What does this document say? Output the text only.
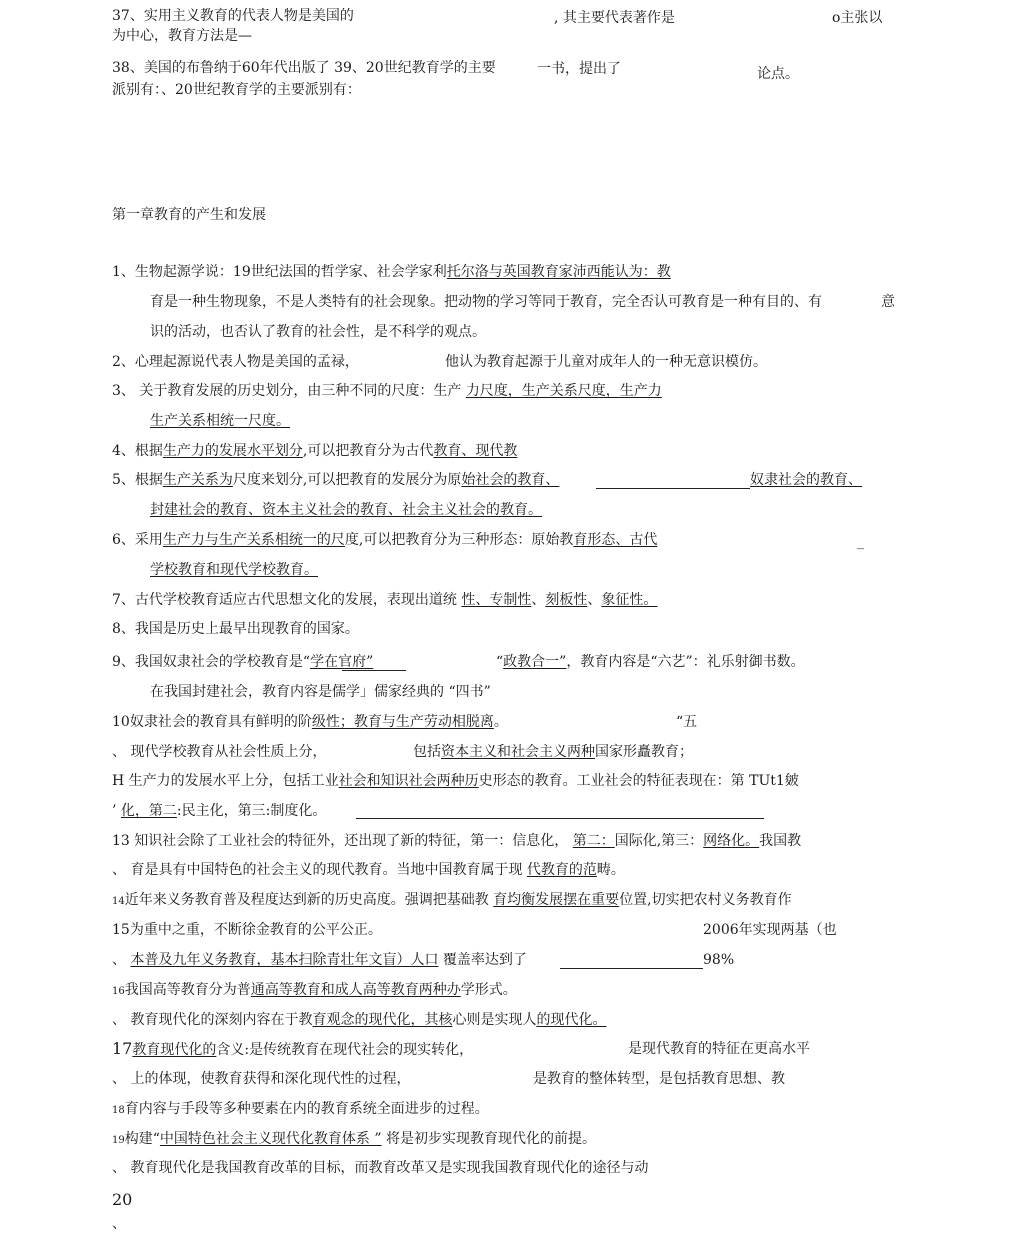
37、实用主义教育的代表人物是美国的	, 其主要代表著作是	o主张以
为中心，教育方法是—
38、美国的布鲁纳于60年代出版了 39、20世纪教育学的主要	一书，提出了	论点。
派别有：、20世纪教育学的主要派别有：
第一章教育的产生和发展
1、生物起源学说：19世纪法国的哲学家、社会学家利托尔洛与英国教育家沛西能认为：教
育是一种生物现象，不是人类特有的社会现象。把动物的学习等同于教育，完全否认可教育是一种有目的、有	意
识的活动，也否认了教育的社会性，是不科学的观点。
2、心理起源说代表人物是美国的孟禄，	他认为教育起源于儿童对成年人的一种无意识模仿。
3、 关于教育发展的历史划分，由三种不同的尺度：生产 力尺度，生产关系尺度，生产力
生产关系相统一尺度。
4、根据生产力的发展水平划分,可以把教育分为古代教育、现代教
5、根据生产关系为尺度来划分,可以把教育的发展分为原始社会的教育、	奴隶社会的教育、
封建社会的教育、资本主义社会的教育、社会主义社会的教育。
6、采用生产力与生产关系相统一的尺度,可以把教育分为三种形态：原始教育形态、古代	_
学校教育和现代学校教育。
7、古代学校教育适应古代思想文化的发展，表现出道统 性、专制性、刻板性、象征性。
8、我国是历史上最早出现教育的国家。
9、我国奴隶社会的学校教育是“学在官府”	“政教合一”，教育内容是“六艺”：礼乐射御书数。
在我国封建社会，教育内容是儒学」儒家经典的 “四书”
10奴隶社会的教育具有鲜明的阶级性；教育与生产劳动相脱离。	“五
、 现代学校教育从社会性质上分，	包括资本主义和社会主义两种国家形矗教育；
H 生产力的发展水平上分，包括工业社会和知识社会两种历史形态的教育。工业社会的特征表现在：第 TUt1皴
’ 化，第二:民主化，第三:制度化。
13 知识社会除了工业社会的特征外，还出现了新的特征，第一：信息化， 第二：国际化,第三：网络化。我国教
、 育是具有中国特色的社会主义的现代教育。当地中国教育属于现 代教育的范畴。
14近年来义务教育普及程度达到新的历史高度。强调把基础教 育均衡发展摆在重要位置,切实把农村义务教育作
15为重中之重，不断徐金教育的公平公正。	2006年实现两基（也
、 本普及九年义务教育，基本扫除青壮年文盲）人口 覆盖率达到了	98%
16我国高等教育分为普通高等教育和成人高等教育两种办学形式。
、 教育现代化的深刻内容在于教育观念的现代化，其核心则是实现人的现代化。
17教育现代化的含义:是传统教育在现代社会的现实转化，	是现代教育的特征在更高水平
、 上的体现，使教育获得和深化现代性的过程，	是教育的整体转型，是包括教育思想、教
18育内容与手段等多种要素在内的教育系统全面进步的过程。
19构建“中国特色社会主义现代化教育体系 ” 将是初步实现教育现代化的前提。
、 教育现代化是我国教育改革的目标，而教育改革又是实现我国教育现代化的途径与动
20
、
